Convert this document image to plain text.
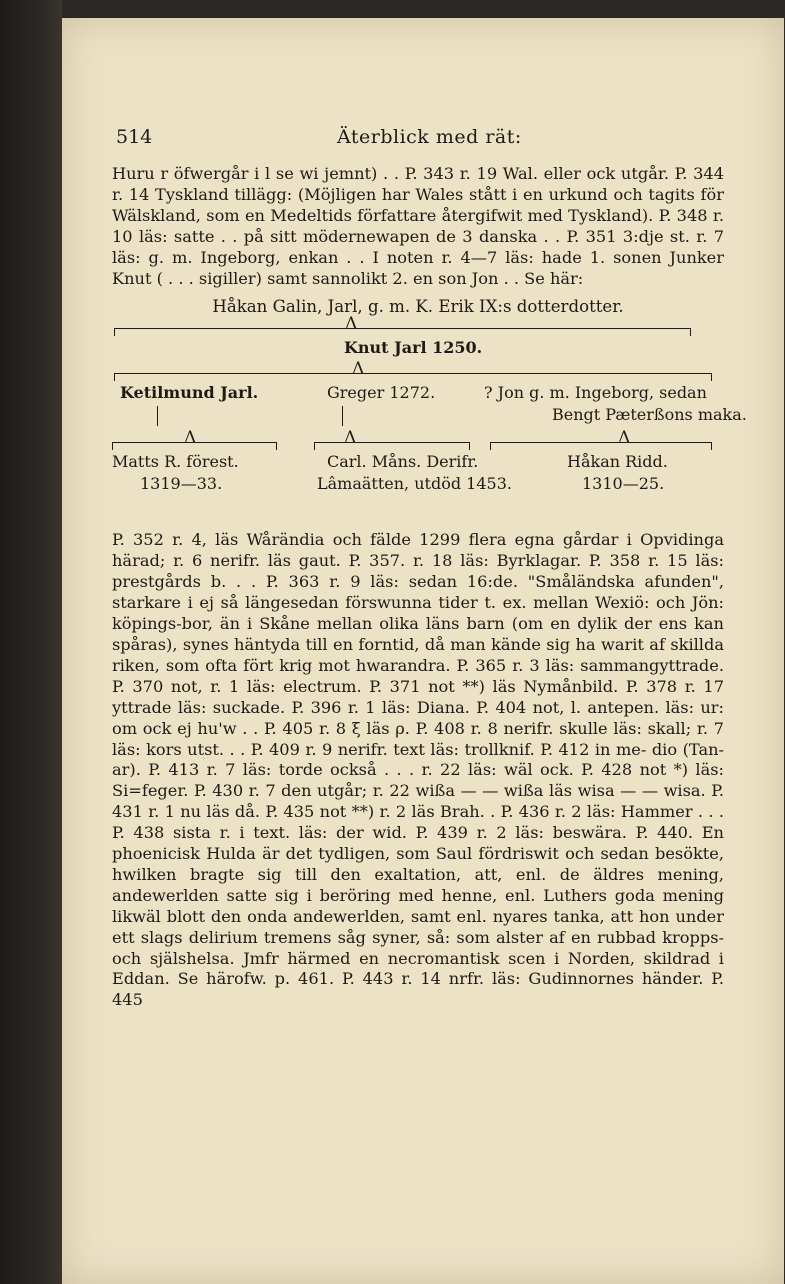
514	Äterblick med rät:

Huru r öfwergår i l se wi jemnt) . . P. 343 r. 19 Wal. eller ock utgår. P. 344 r. 14 Tyskland tillägg: (Möjligen har Wales stått i en urkund och tagits för Wälskland, som en Medeltids författare återgifwit med Tyskland). P. 348 r. 10 läs: satte . . på sitt mödernewapen de 3 danska . . P. 351 3:dje st. r. 7 läs: g. m. Ingeborg, enkan . . I noten r. 4—7 läs: hade 1. sonen Junker Knut ( . . . sigiller) samt sannolikt 2. en son Jon . . Se här:

Håkan Galin, Jarl, g. m. K. Erik IX:s dotterdotter.
Λ
Knut Jarl 1250.
Λ
Ketilmund Jarl.	Greger 1272.	? Jon g. m. Ingeborg, sedan
Bengt Pæterßons maka.
Λ	Λ	Λ
Matts R. förest.
1319—33.
Carl. Måns. Derifr.
Lâmaätten, utdöd 1453.
Håkan Ridd.
1310—25.

P. 352 r. 4, läs Wårändia och fälde 1299 flera egna gårdar i Opvidinga härad; r. 6 nerifr. läs gaut. P. 357. r. 18 läs: Byrklagar. P. 358 r. 15 läs: prestgårds b. . . P. 363 r. 9 läs: sedan 16:de. "Småländska afunden", starkare i ej så längesedan förswunna tider t. ex. mellan Wexiö: och Jön: köpings-bor, än i Skåne mellan olika läns barn (om en dylik der ens kan spåras), synes häntyda till en forntid, då man kände sig ha warit af skillda riken, som ofta fört krig mot hwarandra. P. 365 r. 3 läs: sammangyttrade. P. 370 not, r. 1 läs: electrum. P. 371 not **) läs Nymånbild. P. 378 r. 17 yttrade läs: suckade. P. 396 r. 1 läs: Diana. P. 404 not, l. antepen. läs: ur: om ock ej hu'w . . P. 405 r. 8 ξ läs ρ. P. 408 r. 8 nerifr. skulle läs: skall; r. 7 läs: kors utst. . . P. 409 r. 9 nerifr. text läs: trollknif. P. 412 in me- dio (Tan-ar). P. 413 r. 7 läs: torde också . . . r. 22 läs: wäl ock. P. 428 not *) läs: Si=feger. P. 430 r. 7 den utgår; r. 22 wißa — — wißa läs wisa — — wisa. P. 431 r. 1 nu läs då. P. 435 not **) r. 2 läs Brah. . P. 436 r. 2 läs: Hammer . . . P. 438 sista r. i text. läs: der wid. P. 439 r. 2 läs: beswära. P. 440. En phoenicisk Hulda är det tydligen, som Saul fördriswit och sedan besökte, hwilken bragte sig till den exaltation, att, enl. de äldres mening, andewerlden satte sig i beröring med henne, enl. Luthers goda mening likwäl blott den onda andewerlden, samt enl. nyares tanka, att hon under ett slags delirium tremens såg syner, så: som alster af en rubbad kropps- och själshelsa. Jmfr härmed en necromantisk scen i Norden, skildrad i Eddan. Se härofw. p. 461. P. 443 r. 14 nrfr. läs: Gudinnornes händer. P. 445
